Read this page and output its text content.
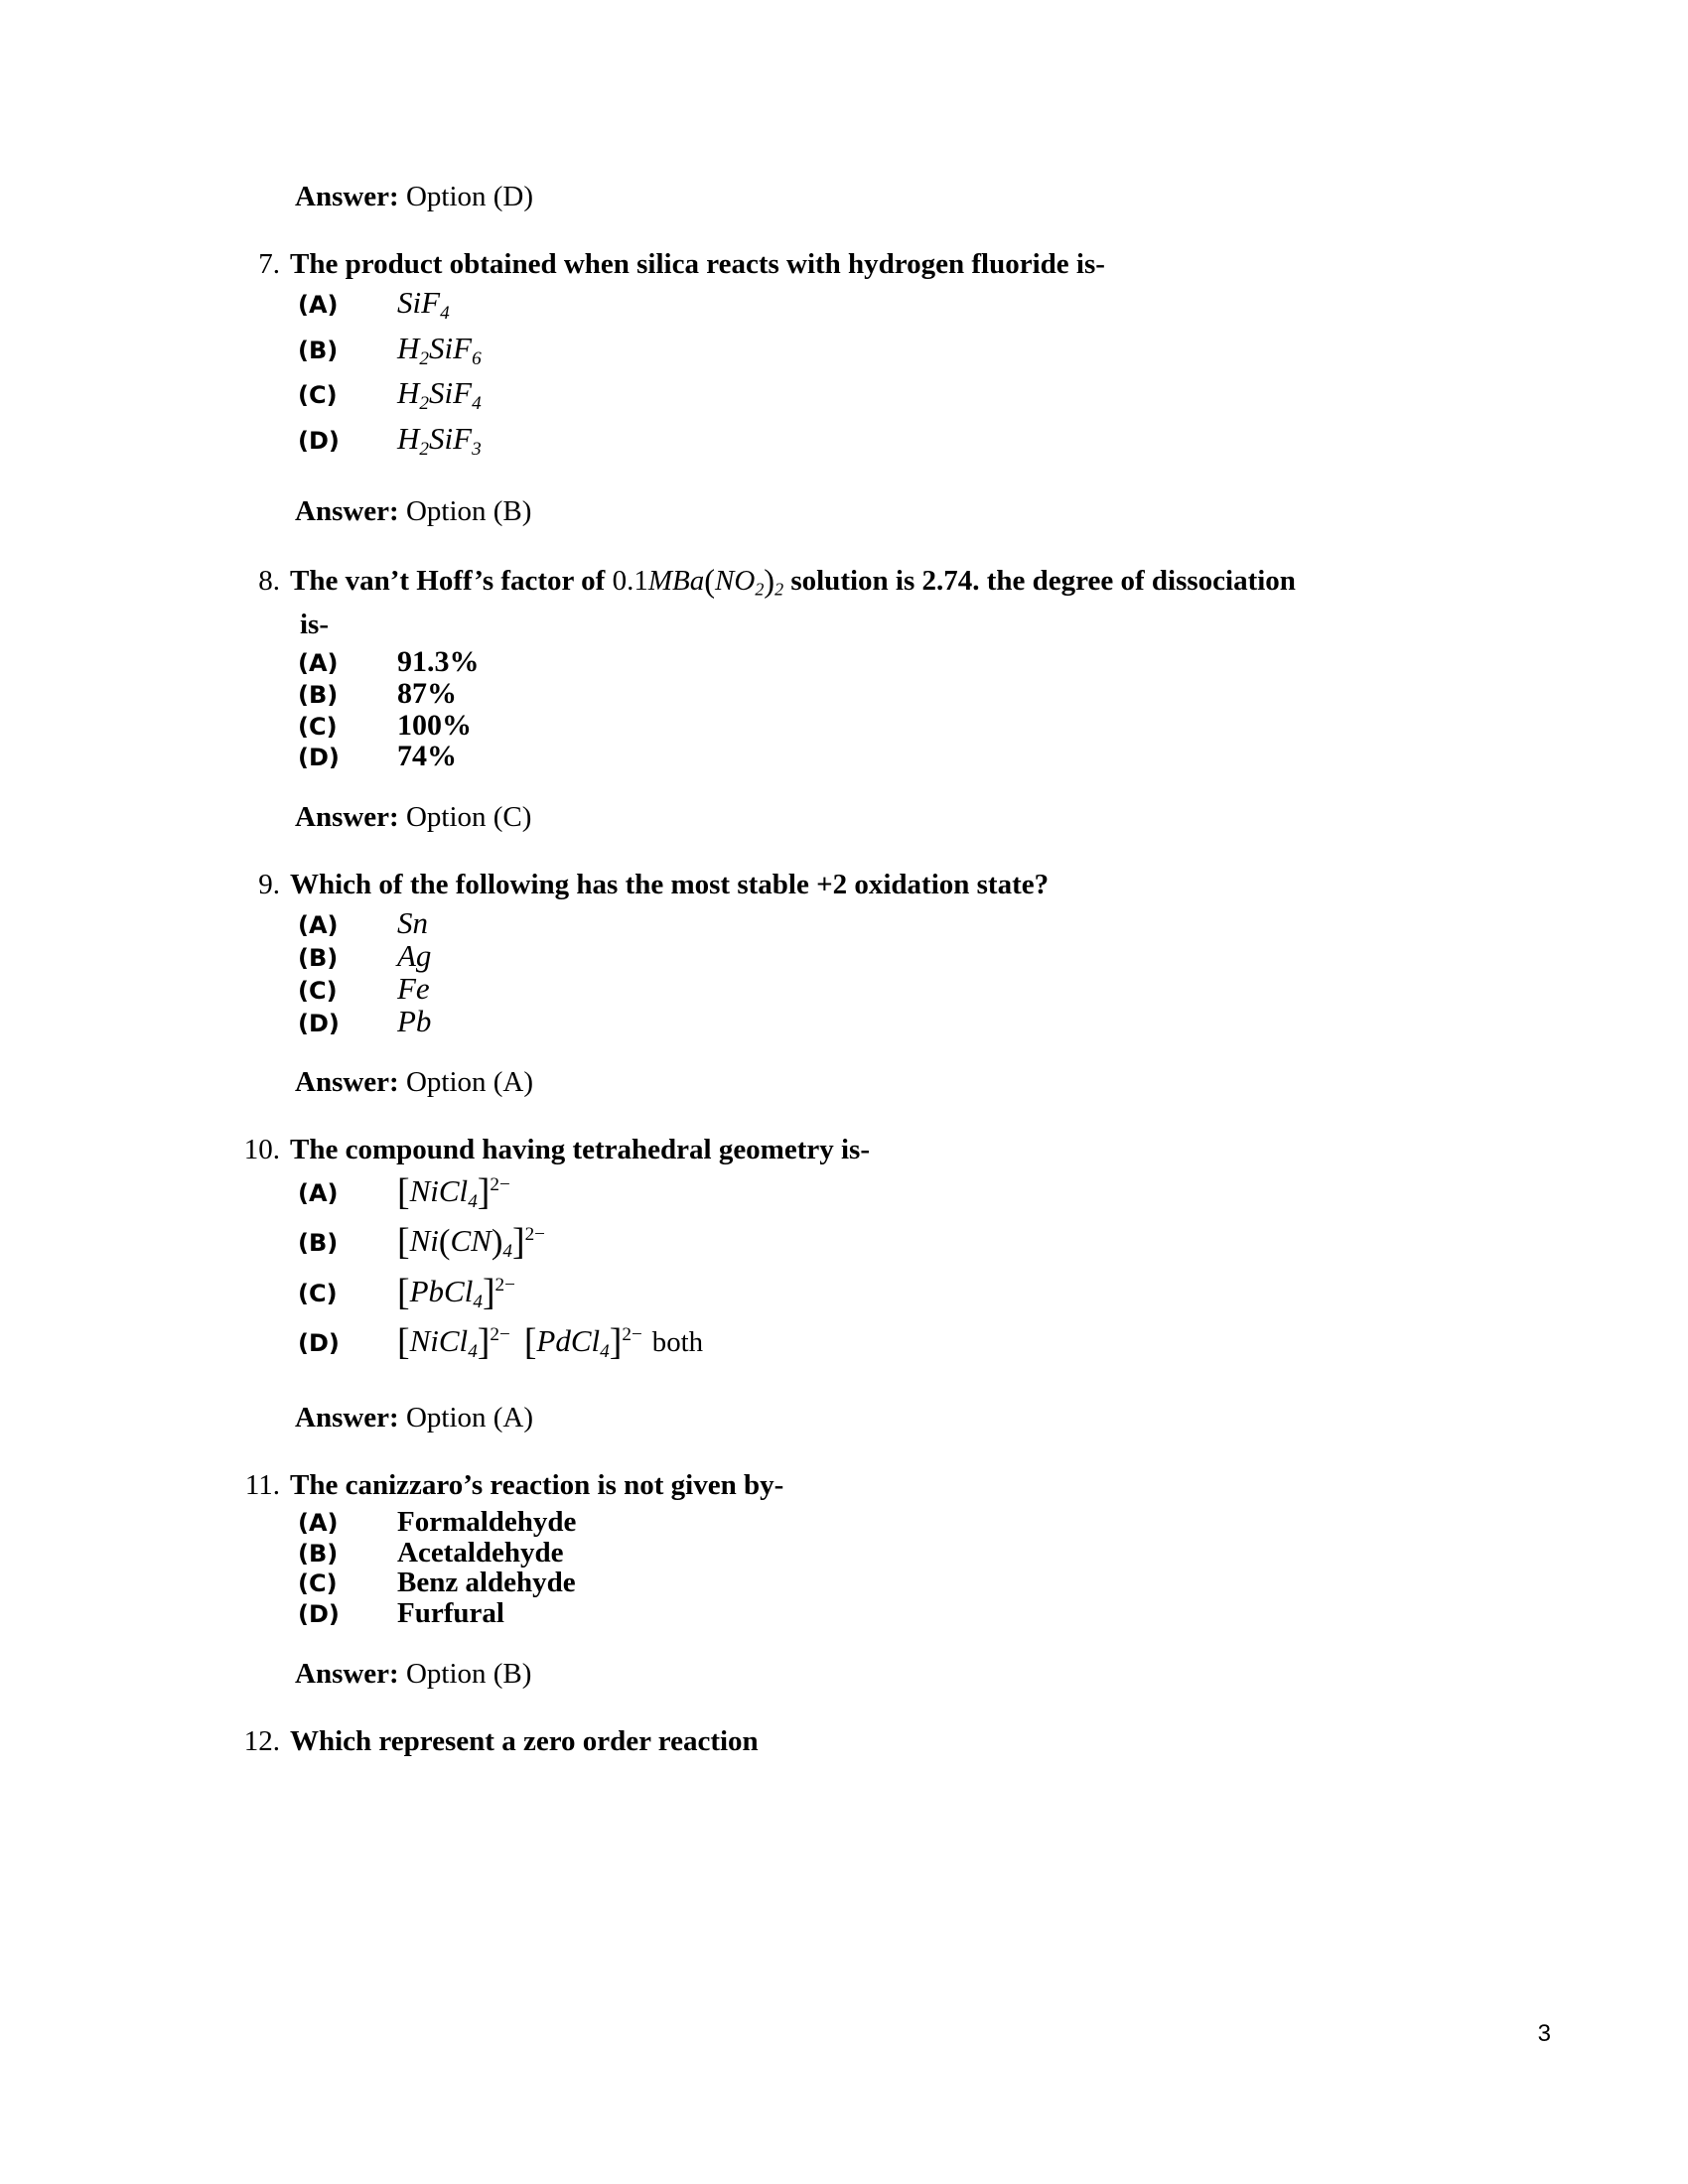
Answer: Option (D)
7. The product obtained when silica reacts with hydrogen fluoride is-
(A)	SiF$_4$
(B)	$H_2SiF_6$
(C)	$H_2SiF_4$
(D)	$H_2SiF_3$
Answer: Option (B)
8. The van’t Hoff’s factor of $0.1MBa(NO_2)_2$ solution is 2.74. the degree of dissociation
is-
(A)	91.3%
(B)	87%
(C)	100%
(D)	74%
Answer: Option (C)
9. Which of the following has the most stable +2 oxidation state?
(A)	Sn
(B)	Ag
(C)	Fe
(D)	Pb
Answer: Option (A)
10. The compound having tetrahedral geometry is-
(A)	[NiCl$_4$]$^{2-}$
(B)	$[Ni(CN)_4]^{2-}$
(C)	[PbCl$_4$]$^{2-}$
(D)	[NiCl$_4$]$^{2-}$ [PdCl$_4$]$^{2-}$ both
Answer: Option (A)
11. The canizzaro’s reaction is not given by-
(A)	Formaldehyde
(B)	Acetaldehyde
(C)	Benz aldehyde
(D)	Furfural
Answer: Option (B)
12. Which represent a zero order reaction
3
